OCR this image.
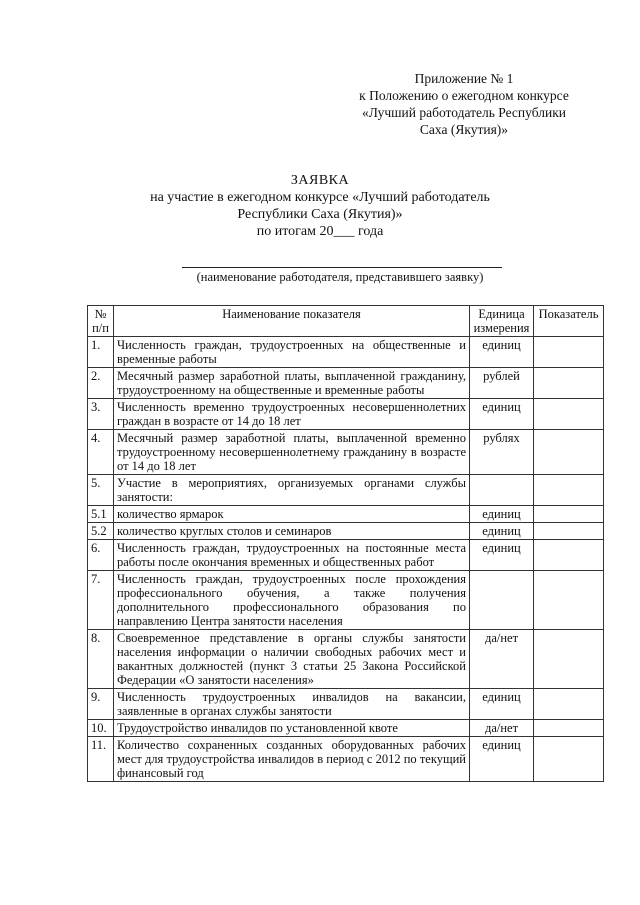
Приложение № 1
к Положению о ежегодном конкурсе
«Лучший работодатель Республики
Саха (Якутия)»
ЗАЯВКА
на участие в ежегодном конкурсе «Лучший работодатель
Республики Саха (Якутия)»
по итогам 20___ года
(наименование работодателя, представившего заявку)
№ п/п	Наименование показателя	Единица измерения	Показатель
1.	Численность граждан, трудоустроенных на общественные и временные работы	единиц	
2.	Месячный размер заработной платы, выплаченной гражданину, трудоустроенному на общественные и временные работы	рублей	
3.	Численность временно трудоустроенных несовершеннолетних граждан в возрасте от 14 до 18 лет	единиц	
4.	Месячный размер заработной платы, выплаченной временно трудоустроенному несовершеннолетнему гражданину в возрасте от 14 до 18 лет	рублях	
5.	Участие в мероприятиях, организуемых органами службы занятости:		
5.1	количество ярмарок	единиц	
5.2	количество круглых столов и семинаров	единиц	
6.	Численность граждан, трудоустроенных на постоянные места работы после окончания временных и общественных работ	единиц	
7.	Численность граждан, трудоустроенных после прохождения профессионального обучения, а также получения дополнительного профессионального образования по направлению Центра занятости населения		
8.	Своевременное представление в органы службы занятости населения информации о наличии свободных рабочих мест и вакантных должностей (пункт 3 статьи 25 Закона Российской Федерации «О занятости населения»	да/нет	
9.	Численность трудоустроенных инвалидов на вакансии, заявленные в органах службы занятости	единиц	
10.	Трудоустройство инвалидов по установленной квоте	да/нет	
11.	Количество сохраненных созданных оборудованных рабочих мест для трудоустройства инвалидов в период с 2012 по текущий финансовый год	единиц	
